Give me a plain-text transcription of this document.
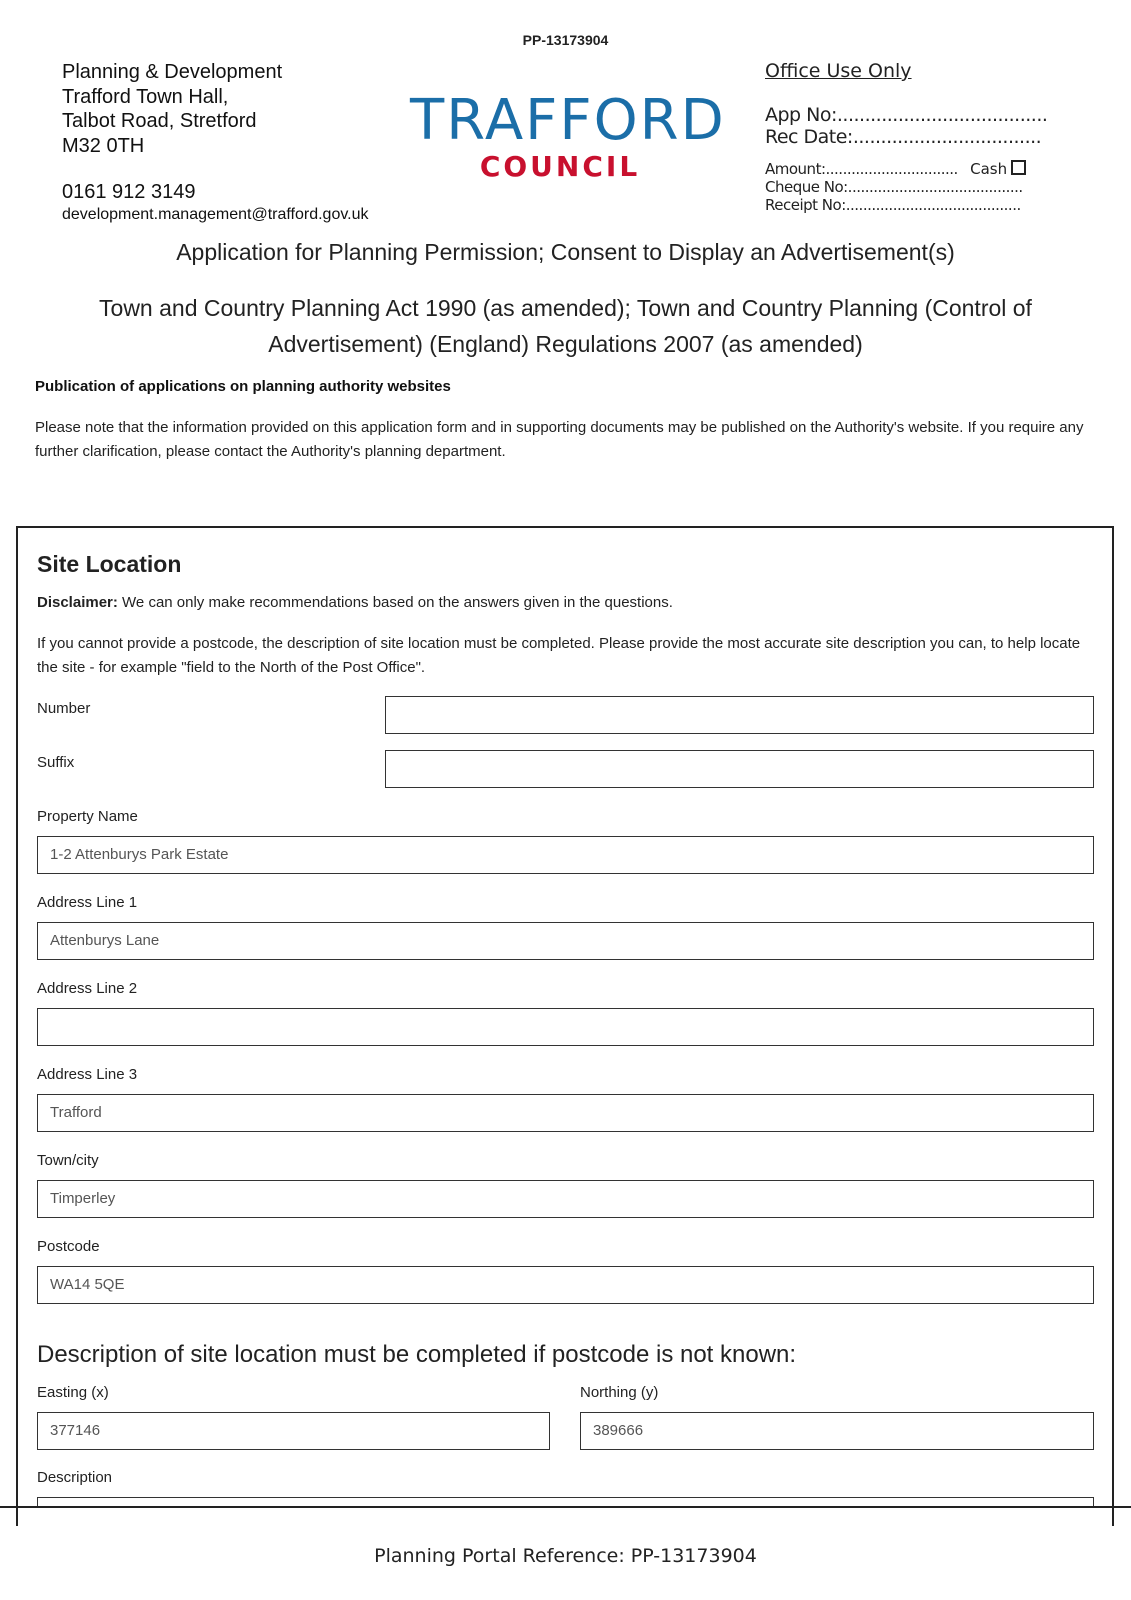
PP-13173904
Planning & Development
Trafford Town Hall,
Talbot Road, Stretford
M32 0TH
0161 912 3149
development.management@trafford.gov.uk
TRAFFORD
COUNCIL
Office Use Only
App No:......................................
Rec Date:..................................
Amount:............................... Cash
Cheque No:.........................................
Receipt No:.........................................
Application for Planning Permission; Consent to Display an Advertisement(s)
Town and Country Planning Act 1990 (as amended); Town and Country Planning (Control of Advertisement) (England) Regulations 2007 (as amended)
Publication of applications on planning authority websites
Please note that the information provided on this application form and in supporting documents may be published on the Authority's website. If you require any further clarification, please contact the Authority's planning department.
Site Location
Disclaimer: We can only make recommendations based on the answers given in the questions.
If you cannot provide a postcode, the description of site location must be completed. Please provide the most accurate site description you can, to help locate the site - for example "field to the North of the Post Office".
Number
Suffix
Property Name
1-2 Attenburys Park Estate
Address Line 1
Attenburys Lane
Address Line 2
Address Line 3
Trafford
Town/city
Timperley
Postcode
WA14 5QE
Description of site location must be completed if postcode is not known:
Easting (x)
377146
Northing (y)
389666
Description
Planning Portal Reference: PP-13173904
